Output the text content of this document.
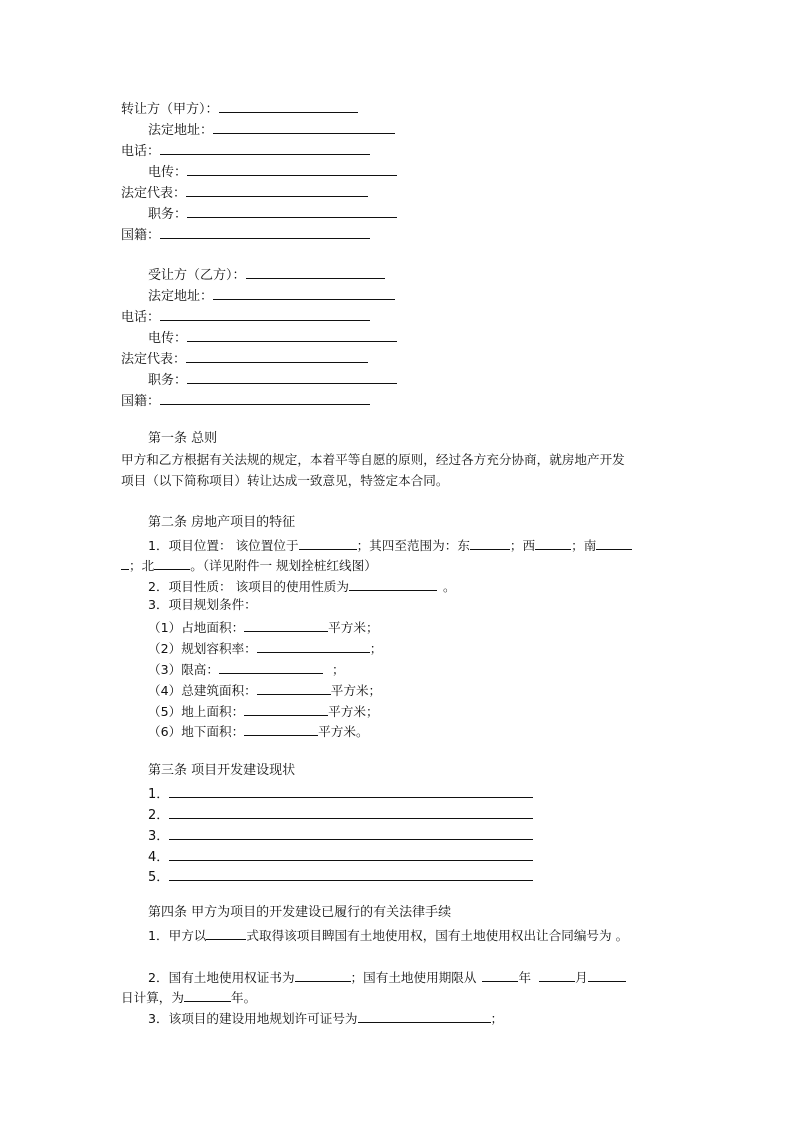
转让方（甲方）：
法定地址：
电话：
电传：
法定代表：
职务：
国籍：
受让方（乙方）：
法定地址：
电话：
电传：
法定代表：
职务：
国籍：
第一条 总则
甲方和乙方根据有关法规的规定，本着平等自愿的原则，经过各方充分协商，就房地产开发
项目（以下简称项目）转让达成一致意见，特签定本合同。
第二条 房地产项目的特征
1．项目位置： 该位置位于	；其四至范围为：东	；西	；南
；北	。（详见附件一 规划拴桩红线图）
2．项目性质： 该项目的使用性质为	。
3．项目规划条件：
（1）占地面积：	平方米；
（2）规划容积率：	；
（3）限高：	；
（4）总建筑面积：	平方米；
（5）地上面积：	平方米；
（6）地下面积：	平方米。
第三条 项目开发建设现状
1．
2．
3．
4．
5．
第四条 甲方为项目的开发建设已履行的有关法律手续
1．甲方以	式取得该项目睥国有土地使用权，国有土地使用权出让合同编号为 。
2．国有土地使用权证书为	；国有土地使用期限从	年	月
日计算，为	年。
3．该项目的建设用地规划许可证号为	；
